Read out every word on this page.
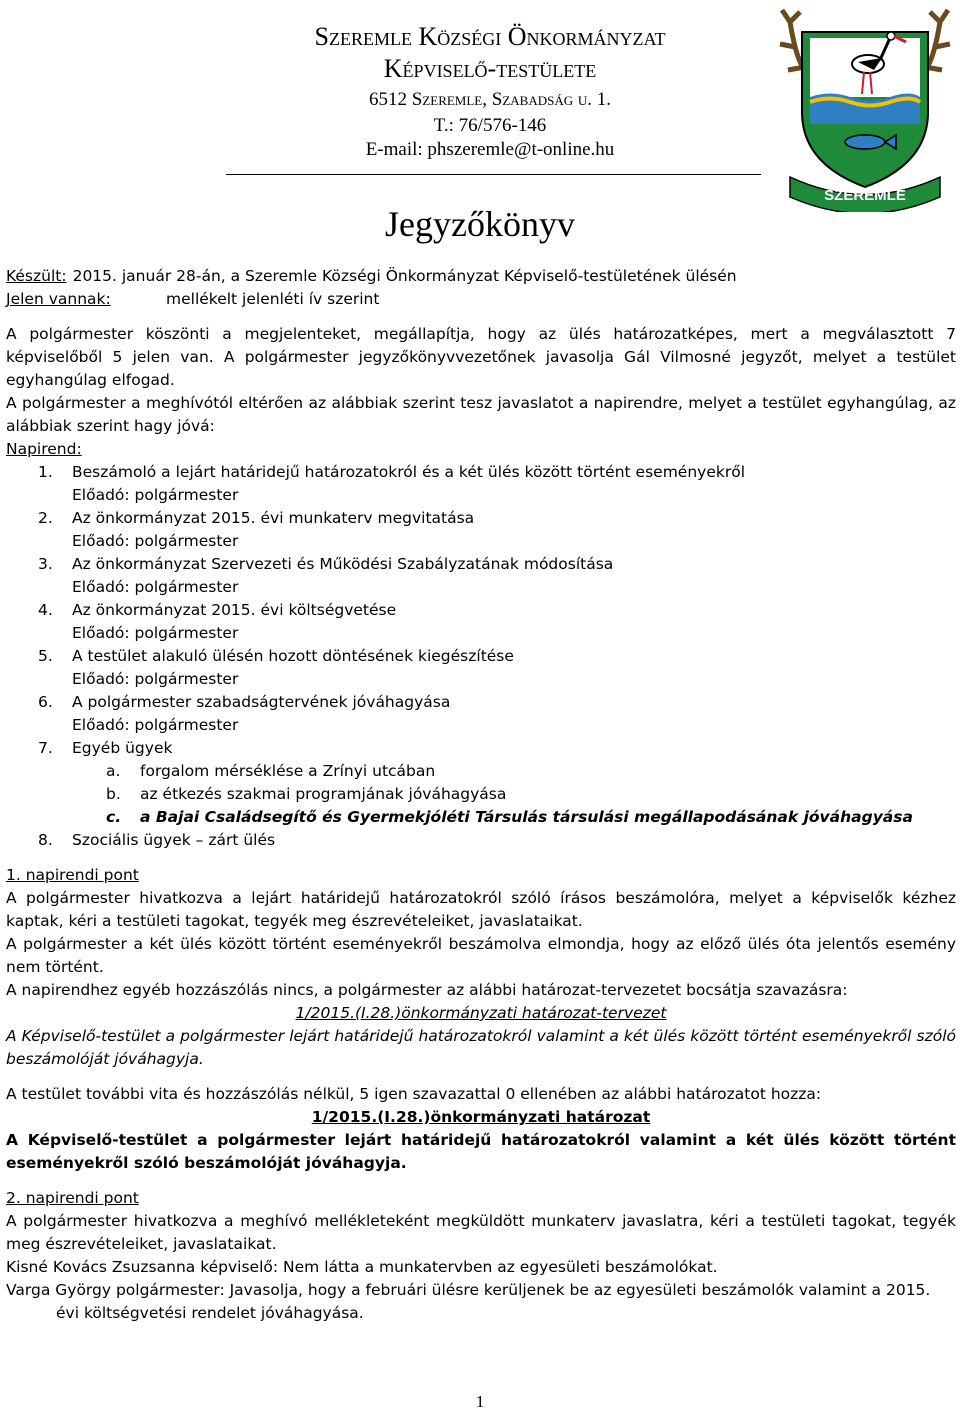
Szeremle Községi Önkormányzat
Képviselő-testülete
6512 Szeremle, Szabadság u. 1.
T.: 76/576-146
E-mail: phszeremle@t-online.hu
Jegyzőkönyv
SZEREMLE
Készült: 2015. január 28-án, a Szeremle Községi Önkormányzat Képviselő-testületének ülésén
Jelen vannak:	mellékelt jelenléti ív szerint

A polgármester köszönti a megjelenteket, megállapítja, hogy az ülés határozatképes, mert a megválasztott 7 képviselőből 5 jelen van. A polgármester jegyzőkönyvvezetőnek javasolja Gál Vilmosné jegyzőt, melyet a testület egyhangúlag elfogad.

A polgármester a meghívótól eltérően az alábbiak szerint tesz javaslatot a napirendre, melyet a testület egyhangúlag, az alábbiak szerint hagy jóvá:

Napirend:

1. Beszámoló a lejárt határidejű határozatokról és a két ülés között történt eseményekről
Előadó: polgármester
2. Az önkormányzat 2015. évi munkaterv megvitatása
Előadó: polgármester
3. Az önkormányzat Szervezeti és Működési Szabályzatának módosítása
Előadó: polgármester
4. Az önkormányzat 2015. évi költségvetése
Előadó: polgármester
5. A testület alakuló ülésén hozott döntésének kiegészítése
Előadó: polgármester
6. A polgármester szabadságtervének jóváhagyása
Előadó: polgármester
7. Egyéb ügyek
a. forgalom mérséklése a Zrínyi utcában
b. az étkezés szakmai programjának jóváhagyása
c. a Bajai Családsegítő és Gyermekjóléti Társulás társulási megállapodásának jóváhagyása
8. Szociális ügyek – zárt ülés

1. napirendi pont

A polgármester hivatkozva a lejárt határidejű határozatokról szóló írásos beszámolóra, melyet a képviselők kézhez kaptak, kéri a testületi tagokat, tegyék meg észrevételeiket, javaslataikat.

A polgármester a két ülés között történt eseményekről beszámolva elmondja, hogy az előző ülés óta jelentős esemény nem történt.

A napirendhez egyéb hozzászólás nincs, a polgármester az alábbi határozat-tervezetet bocsátja szavazásra:

1/2015.(I.28.)önkormányzati határozat-tervezet

A Képviselő-testület a polgármester lejárt határidejű határozatokról valamint a két ülés között történt eseményekről szóló beszámolóját jóváhagyja.

A testület további vita és hozzászólás nélkül, 5 igen szavazattal 0 ellenében az alábbi határozatot hozza:

1/2015.(I.28.)önkormányzati határozat

A Képviselő-testület a polgármester lejárt határidejű határozatokról valamint a két ülés között történt eseményekről szóló beszámolóját jóváhagyja.

2. napirendi pont

A polgármester hivatkozva a meghívó mellékleteként megküldött munkaterv javaslatra, kéri a testületi tagokat, tegyék meg észrevételeiket, javaslataikat.

Kisné Kovács Zsuzsanna képviselő: Nem látta a munkatervben az egyesületi beszámolókat.

Varga György polgármester: Javasolja, hogy a februári ülésre kerüljenek be az egyesületi beszámolók valamint a 2015.

évi költségvetési rendelet jóváhagyása.

1
